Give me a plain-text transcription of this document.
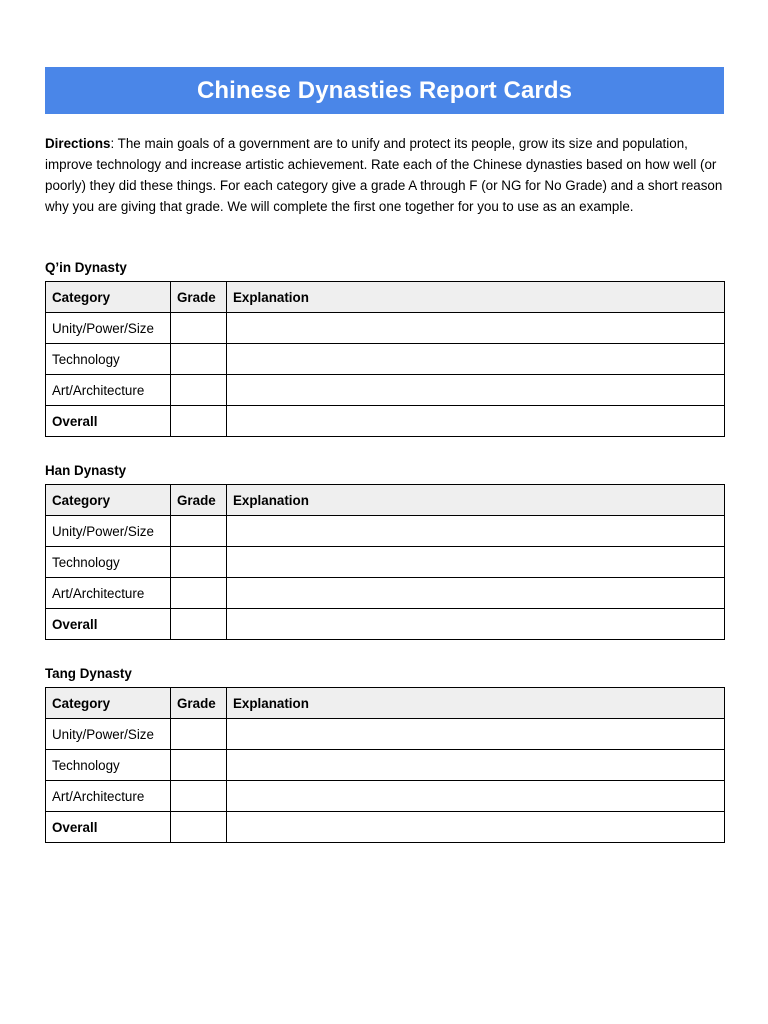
Chinese Dynasties Report Cards

Directions: The main goals of a government are to unify and protect its people, grow its size and population, improve technology and increase artistic achievement. Rate each of the Chinese dynasties based on how well (or poorly) they did these things. For each category give a grade A through F (or NG for No Grade) and a short reason why you are giving that grade. We will complete the first one together for you to use as an example.

Q’in Dynasty
Category	Grade	Explanation
Unity/Power/Size		
Technology		
Art/Architecture		
Overall		
Han Dynasty
Category	Grade	Explanation
Unity/Power/Size		
Technology		
Art/Architecture		
Overall		
Tang Dynasty
Category	Grade	Explanation
Unity/Power/Size		
Technology		
Art/Architecture		
Overall		
